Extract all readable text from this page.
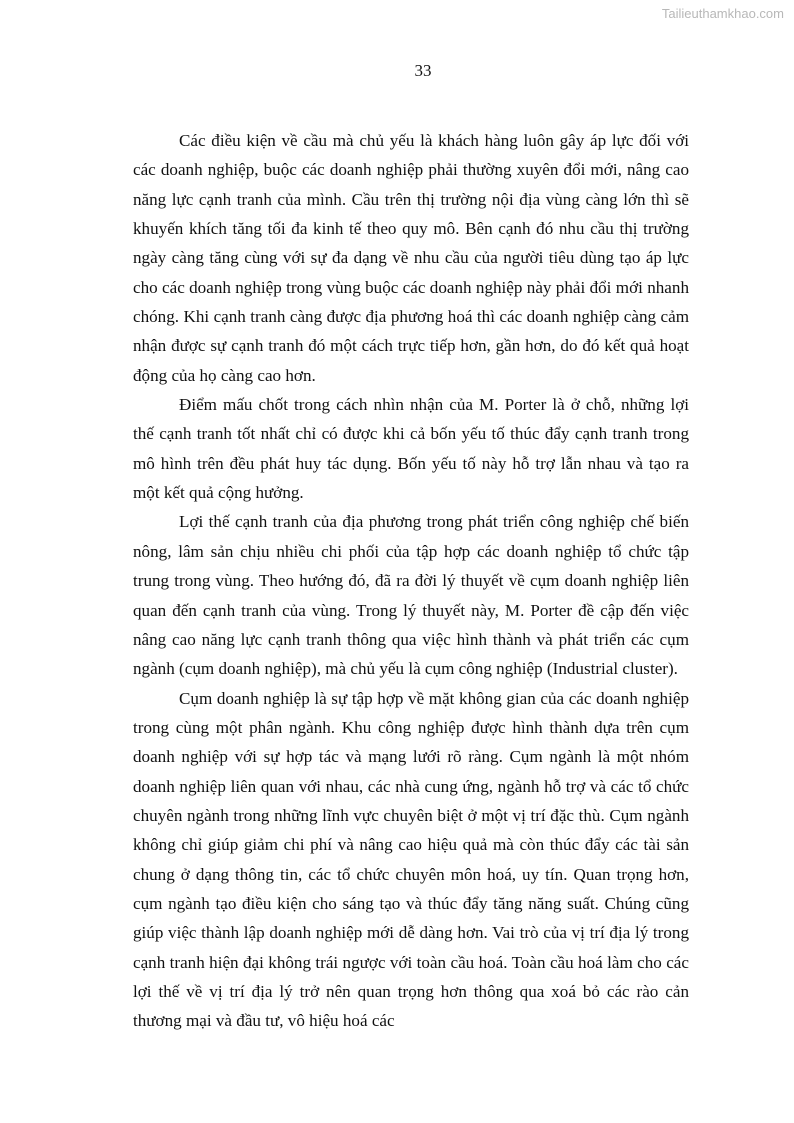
Tailieuthamkhao.com
33

Các điều kiện về cầu mà chủ yếu là khách hàng luôn gây áp lực đối với các doanh nghiệp, buộc các doanh nghiệp phải thường xuyên đổi mới, nâng cao năng lực cạnh tranh của mình. Cầu trên thị trường nội địa vùng càng lớn thì sẽ khuyến khích tăng tối đa kinh tế theo quy mô. Bên cạnh đó nhu cầu thị trường ngày càng tăng cùng với sự đa dạng về nhu cầu của người tiêu dùng tạo áp lực cho các doanh nghiệp trong vùng buộc các doanh nghiệp này phải đổi mới nhanh chóng. Khi cạnh tranh càng được địa phương hoá thì các doanh nghiệp càng cảm nhận được sự cạnh tranh đó một cách trực tiếp hơn, gần hơn, do đó kết quả hoạt động của họ càng cao hơn.

Điểm mấu chốt trong cách nhìn nhận của M. Porter là ở chỗ, những lợi thế cạnh tranh tốt nhất chỉ có được khi cả bốn yếu tố thúc đẩy cạnh tranh trong mô hình trên đều phát huy tác dụng. Bốn yếu tố này hỗ trợ lẫn nhau và tạo ra một kết quả cộng hưởng.

Lợi thế cạnh tranh của địa phương trong phát triển công nghiệp chế biến nông, lâm sản chịu nhiều chi phối của tập hợp các doanh nghiệp tổ chức tập trung trong vùng. Theo hướng đó, đã ra đời lý thuyết về cụm doanh nghiệp liên quan đến cạnh tranh của vùng. Trong lý thuyết này, M. Porter đề cập đến việc nâng cao năng lực cạnh tranh thông qua việc hình thành và phát triển các cụm ngành (cụm doanh nghiệp), mà chủ yếu là cụm công nghiệp (Industrial cluster).

Cụm doanh nghiệp là sự tập hợp về mặt không gian của các doanh nghiệp trong cùng một phân ngành. Khu công nghiệp được hình thành dựa trên cụm doanh nghiệp với sự hợp tác và mạng lưới rõ ràng. Cụm ngành là một nhóm doanh nghiệp liên quan với nhau, các nhà cung ứng, ngành hỗ trợ và các tổ chức chuyên ngành trong những lĩnh vực chuyên biệt ở một vị trí đặc thù. Cụm ngành không chỉ giúp giảm chi phí và nâng cao hiệu quả mà còn thúc đẩy các tài sản chung ở dạng thông tin, các tổ chức chuyên môn hoá, uy tín. Quan trọng hơn, cụm ngành tạo điều kiện cho sáng tạo và thúc đẩy tăng năng suất. Chúng cũng giúp việc thành lập doanh nghiệp mới dễ dàng hơn. Vai trò của vị trí địa lý trong cạnh tranh hiện đại không trái ngược với toàn cầu hoá. Toàn cầu hoá làm cho các lợi thế về vị trí địa lý trở nên quan trọng hơn thông qua xoá bỏ các rào cản thương mại và đầu tư, vô hiệu hoá các
